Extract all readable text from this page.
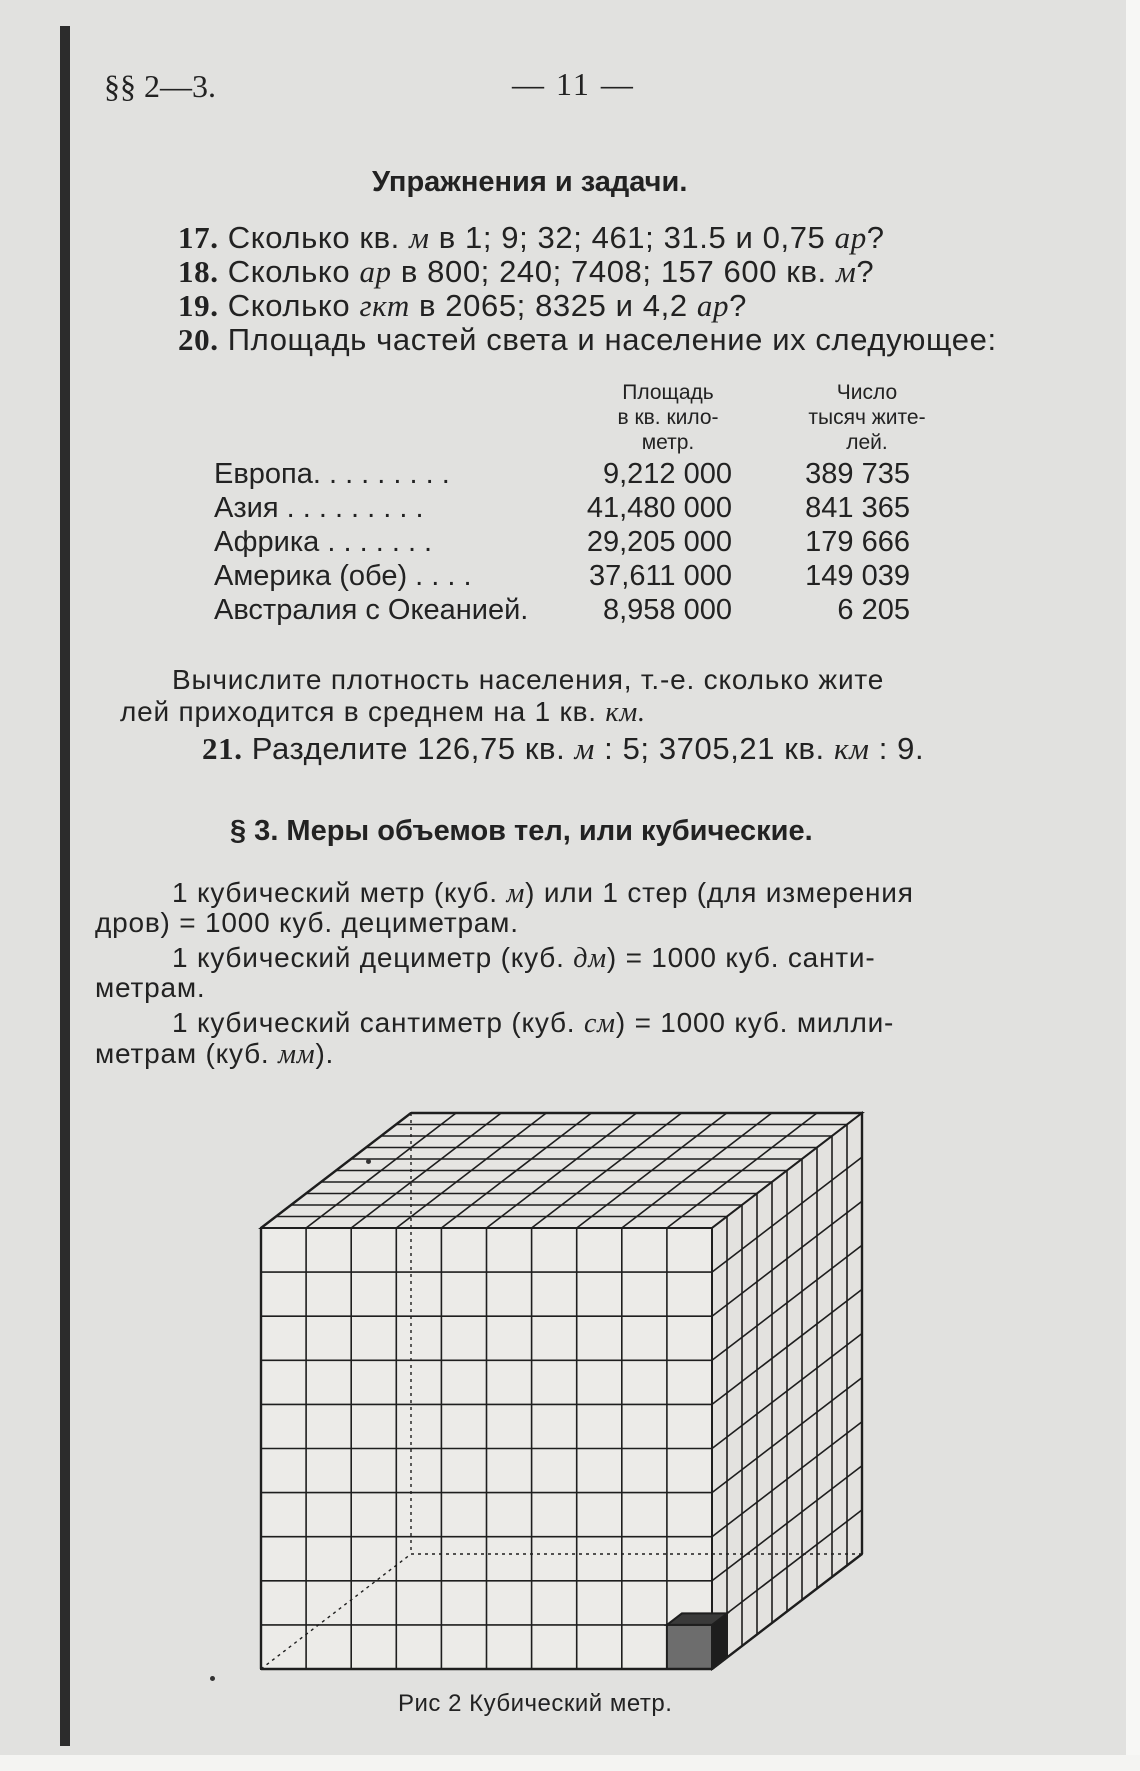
§§ 2—3.	— 11 —
Упражнения и задачи.
17. Сколько кв. м в 1; 9; 32; 461; 31.5 и 0,75 ар?
18. Сколько ар в 800; 240; 7408; 157 600 кв. м?
19. Сколько гкт в 2065; 8325 и 4,2 ар?
20. Площадь частей света и население их следующее:
Площадь
в кв. кило-
метр.
Число
тысяч жите-
лей.
Европа. . . . . . . . .	9,212 000	389 735
Азия . . . . . . . . .	41,480 000	841 365
Африка . . . . . . .	29,205 000	179 666
Америка (обе) . . . .	37,611 000	149 039
Австралия с Океанией.	8,958 000	6 205
Вычислите плотность населения, т.-е. сколько жите
лей приходится в среднем на 1 кв. км.
21. Разделите 126,75 кв. м : 5; 3705,21 кв. км : 9.
§ 3. Меры объемов тел, или кубические.
1 кубический метр (куб. м) или 1 стер (для измерения
дров) = 1000 куб. дециметрам.
1 кубический дециметр (куб. дм) = 1000 куб. санти-
метрам.
1 кубический сантиметр (куб. см) = 1000 куб. милли-
метрам (куб. мм).
Рис 2 Кубический метр.
